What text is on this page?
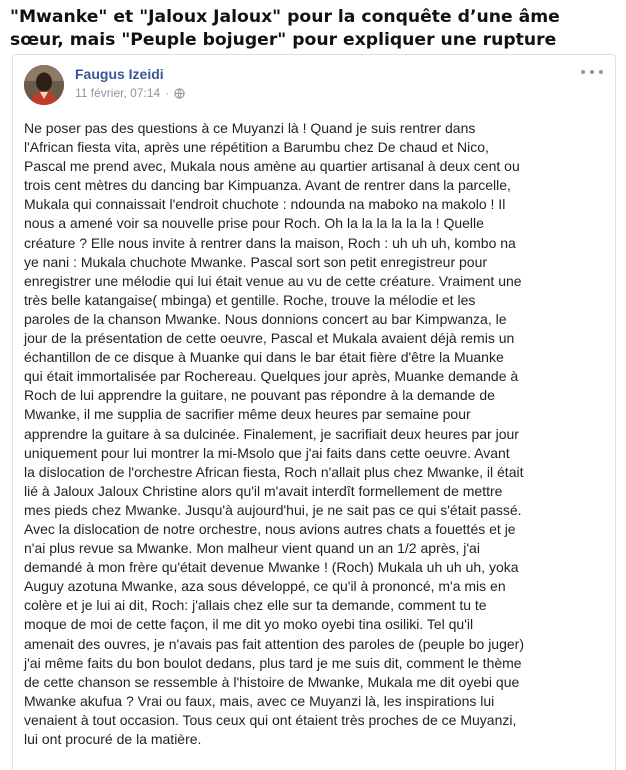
"Mwanke" et "Jaloux Jaloux" pour la conquête d’une âme sœur, mais "Peuple bojuger" pour expliquer une rupture
Faugus Izeidi
11 février, 07:14 ·

Ne poser pas des questions à ce Muyanzi là ! Quand je suis rentrer dans l'African fiesta vita, après une répétition a Barumbu chez De chaud et Nico, Pascal me prend avec, Mukala nous amène au quartier artisanal à deux cent ou trois cent mètres du dancing bar Kimpuanza. Avant de rentrer dans la parcelle, Mukala qui connaissait l'endroit chuchote : ndounda na maboko na makolo ! Il nous a amené voir sa nouvelle prise pour Roch. Oh la la la la la la ! Quelle créature ? Elle nous invite à rentrer dans la maison, Roch : uh uh uh, kombo na ye nani : Mukala chuchote Mwanke. Pascal sort son petit enregistreur pour enregistrer une mélodie qui lui était venue au vu de cette créature. Vraiment une très belle katangaise( mbinga) et gentille. Roche, trouve la mélodie et les paroles de la chanson Mwanke. Nous donnions concert au bar Kimpwanza, le jour de la présentation de cette oeuvre, Pascal et Mukala avaient déjà remis un échantillon de ce disque à Muanke qui dans le bar était fière d'être la Muanke qui était immortalisée par Rochereau. Quelques jour après, Muanke demande à Roch de lui apprendre la guitare, ne pouvant pas répondre à la demande de Mwanke, il me supplia de sacrifier même deux heures par semaine pour apprendre la guitare à sa dulcinée. Finalement, je sacrifiait deux heures par jour uniquement pour lui montrer la mi-Msolo que j'ai faits dans cette oeuvre. Avant la dislocation de l'orchestre African fiesta, Roch n'allait plus chez Mwanke, il était lié à Jaloux Jaloux Christine alors qu'il m'avait interdît formellement de mettre mes pieds chez Mwanke. Jusqu'à aujourd'hui, je ne sait pas ce qui s'était passé. Avec la dislocation de notre orchestre, nous avions autres chats a fouettés et je n'ai plus revue sa Mwanke. Mon malheur vient quand un an 1/2 après, j'ai demandé à mon frère qu'était devenue Mwanke ! (Roch) Mukala uh uh uh, yoka Auguy azotuna Mwanke, aza sous développé, ce qu'il à prononcé, m'a mis en colère et je lui ai dit, Roch: j'allais chez elle sur ta demande, comment tu te moque de moi de cette façon, il me dit yo moko oyebi tina osiliki. Tel qu'il amenait des ouvres, je n'avais pas fait attention des paroles de (peuple bo juger) j'ai même faits du bon boulot dedans, plus tard je me suis dit, comment le thème de cette chanson se ressemble à l'histoire de Mwanke, Mukala me dit oyebi que Mwanke akufua ? Vrai ou faux, mais, avec ce Muyanzi là, les inspirations lui venaient à tout occasion. Tous ceux qui ont étaient très proches de ce Muyanzi, lui ont procuré de la matière.
